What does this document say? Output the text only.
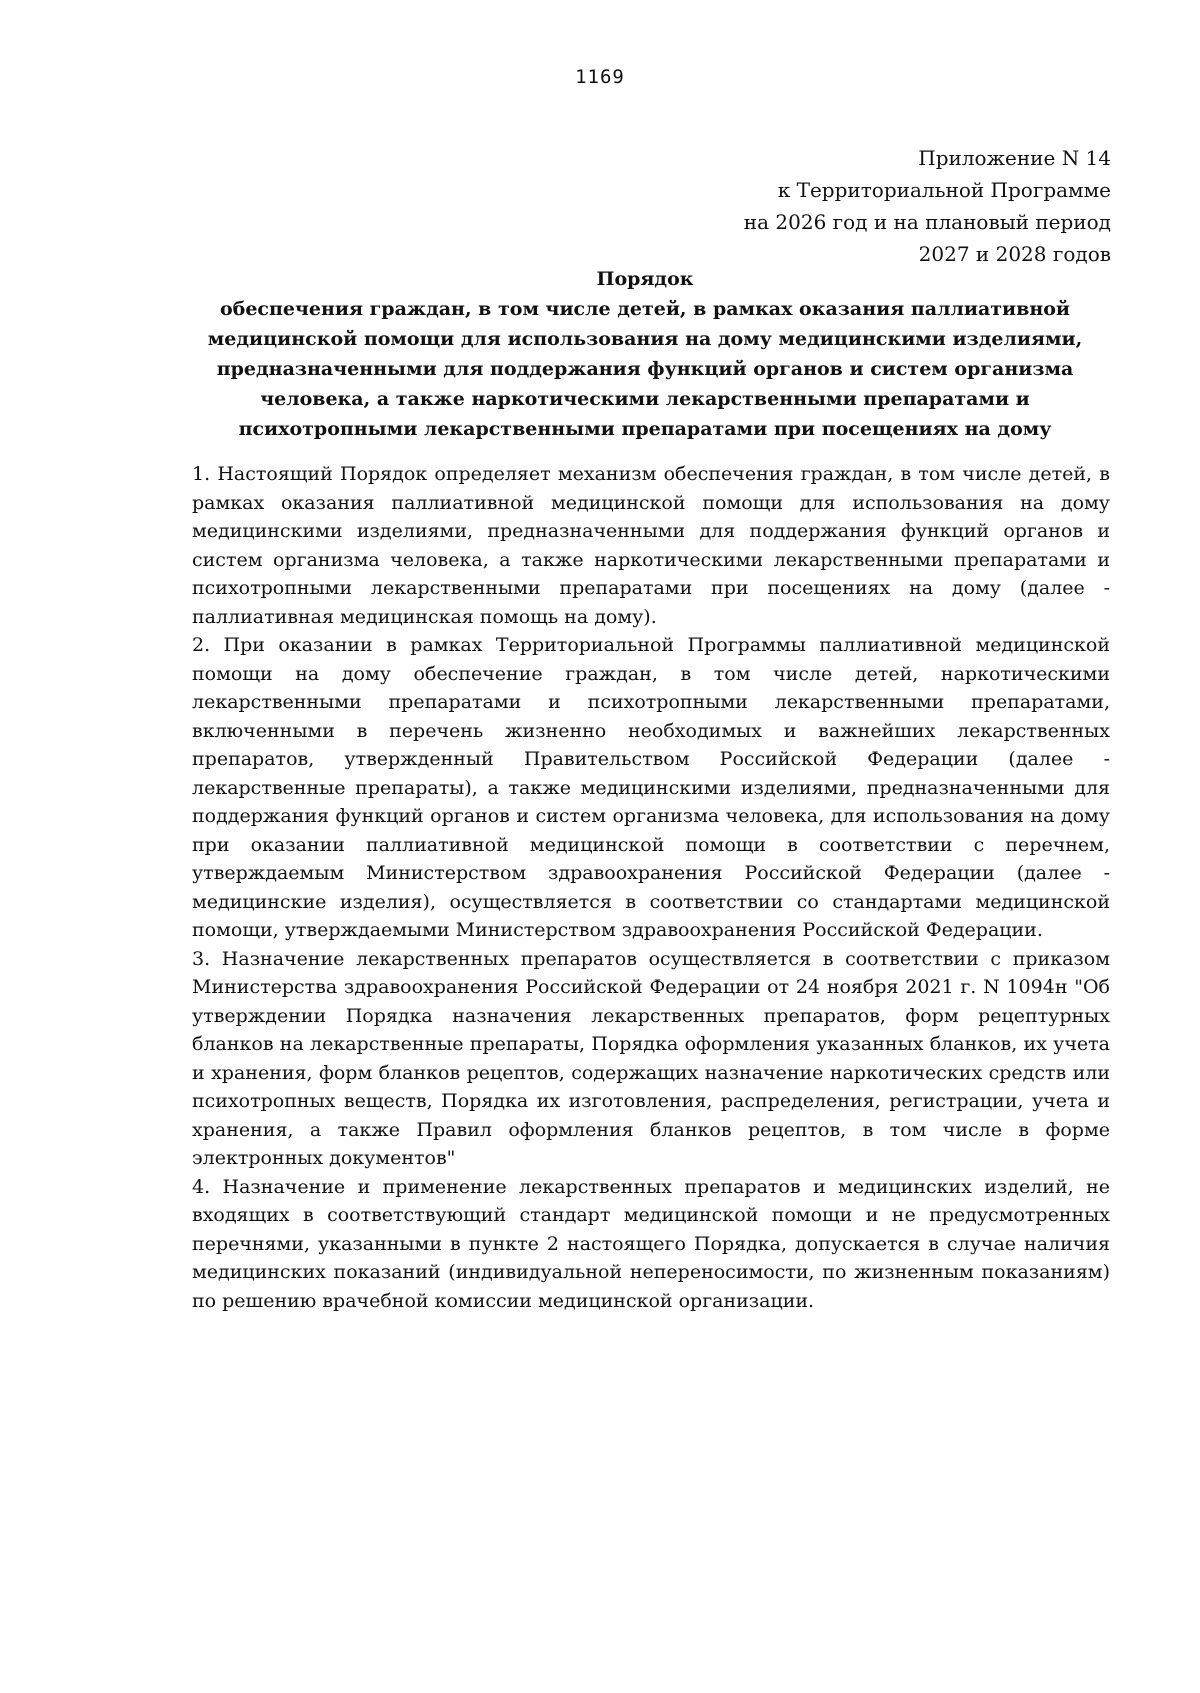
1169
Приложение N 14
к Территориальной Программе
на 2026 год и на плановый период
2027 и 2028 годов
Порядок
обеспечения граждан, в том числе детей, в рамках оказания паллиативной
медицинской помощи для использования на дому медицинскими изделиями,
предназначенными для поддержания функций органов и систем организма
человека, а также наркотическими лекарственными препаратами и
психотропными лекарственными препаратами при посещениях на дому

1. Настоящий Порядок определяет механизм обеспечения граждан, в том числе детей, в рамках оказания паллиативной медицинской помощи для использования на дому медицинскими изделиями, предназначенными для поддержания функций органов и систем организма человека, а также наркотическими лекарственными препаратами и психотропными лекарственными препаратами при посещениях на дому (далее - паллиативная медицинская помощь на дому).

2. При оказании в рамках Территориальной Программы паллиативной медицинской помощи на дому обеспечение граждан, в том числе детей, наркотическими лекарственными препаратами и психотропными лекарственными препаратами, включенными в перечень жизненно необходимых и важнейших лекарственных препаратов, утвержденный Правительством Российской Федерации (далее - лекарственные препараты), а также медицинскими изделиями, предназначенными для поддержания функций органов и систем организма человека, для использования на дому при оказании паллиативной медицинской помощи в соответствии с перечнем, утверждаемым Министерством здравоохранения Российской Федерации (далее - медицинские изделия), осуществляется в соответствии со стандартами медицинской помощи, утверждаемыми Министерством здравоохранения Российской Федерации.

3. Назначение лекарственных препаратов осуществляется в соответствии с приказом Министерства здравоохранения Российской Федерации от 24 ноября 2021 г. N 1094н "Об утверждении Порядка назначения лекарственных препаратов, форм рецептурных бланков на лекарственные препараты, Порядка оформления указанных бланков, их учета и хранения, форм бланков рецептов, содержащих назначение наркотических средств или психотропных веществ, Порядка их изготовления, распределения, регистрации, учета и хранения, а также Правил оформления бланков рецептов, в том числе в форме электронных документов"

4. Назначение и применение лекарственных препаратов и медицинских изделий, не входящих в соответствующий стандарт медицинской помощи и не предусмотренных перечнями, указанными в пункте 2 настоящего Порядка, допускается в случае наличия медицинских показаний (индивидуальной непереносимости, по жизненным показаниям) по решению врачебной комиссии медицинской организации.
